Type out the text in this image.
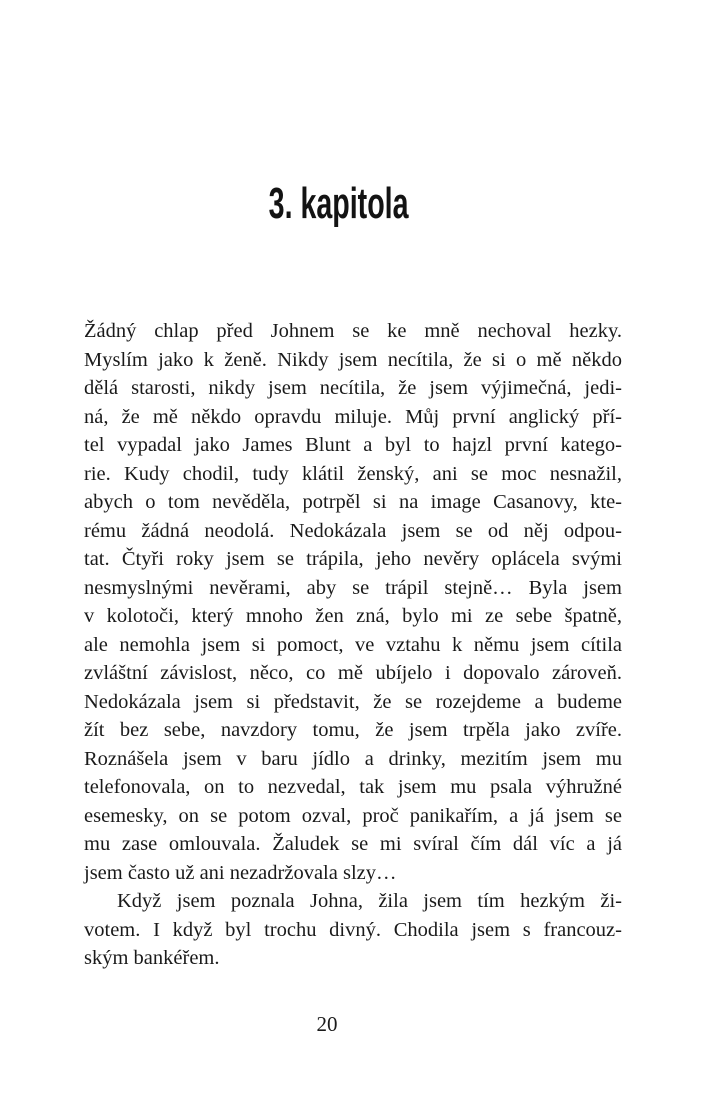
3. kapitola
Žádný chlap před Johnem se ke mně nechoval hezky.
Myslím jako k ženě. Nikdy jsem necítila, že si o mě někdo
dělá starosti, nikdy jsem necítila, že jsem výjimečná, jedi-
ná, že mě někdo opravdu miluje. Můj první anglický pří-
tel vypadal jako James Blunt a byl to hajzl první katego-
rie. Kudy chodil, tudy klátil ženský, ani se moc nesnažil,
abych o tom nevěděla, potrpěl si na image Casanovy, kte-
rému žádná neodolá. Nedokázala jsem se od něj odpou-
tat. Čtyři roky jsem se trápila, jeho nevěry oplácela svými
nesmyslnými nevěrami, aby se trápil stejně… Byla jsem
v kolotoči, který mnoho žen zná, bylo mi ze sebe špatně,
ale nemohla jsem si pomoct, ve vztahu k němu jsem cítila
zvláštní závislost, něco, co mě ubíjelo i dopovalo zároveň.
Nedokázala jsem si představit, že se rozejdeme a budeme
žít bez sebe, navzdory tomu, že jsem trpěla jako zvíře.
Roznášela jsem v baru jídlo a drinky, mezitím jsem mu
telefonovala, on to nezvedal, tak jsem mu psala výhružné
esemesky, on se potom ozval, proč panikařím, a já jsem se
mu zase omlouvala. Žaludek se mi svíral čím dál víc a já
jsem často už ani nezadržovala slzy…
Když jsem poznala Johna, žila jsem tím hezkým ži-
votem. I když byl trochu divný. Chodila jsem s francouz-
ským bankéřem.
20
